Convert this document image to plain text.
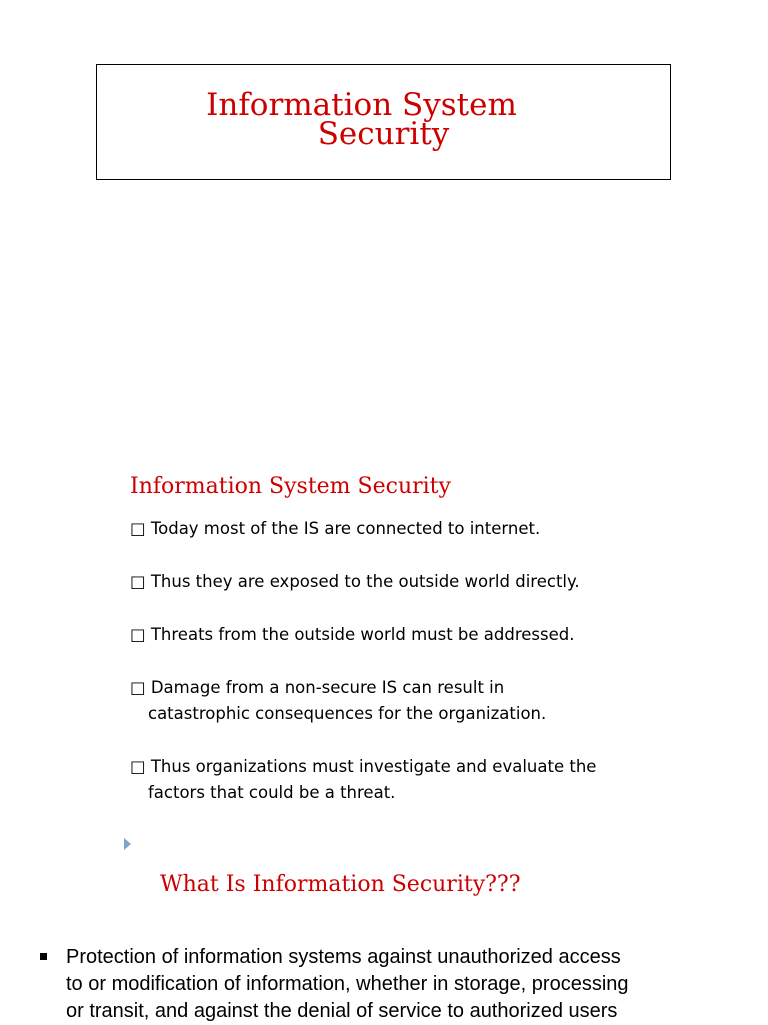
Information System
Security
Information System Security
□ Today most of the IS are connected to internet.
□ Thus they are exposed to the outside world directly.
□ Threats from the outside world must be addressed.
□ Damage from a non-secure IS can result in
catastrophic consequences for the organization.
□ Thus organizations must investigate and evaluate the
factors that could be a threat.
What Is Information Security???
Protection of information systems against unauthorized access
to or modification of information, whether in storage, processing
or transit, and against the denial of service to authorized users
